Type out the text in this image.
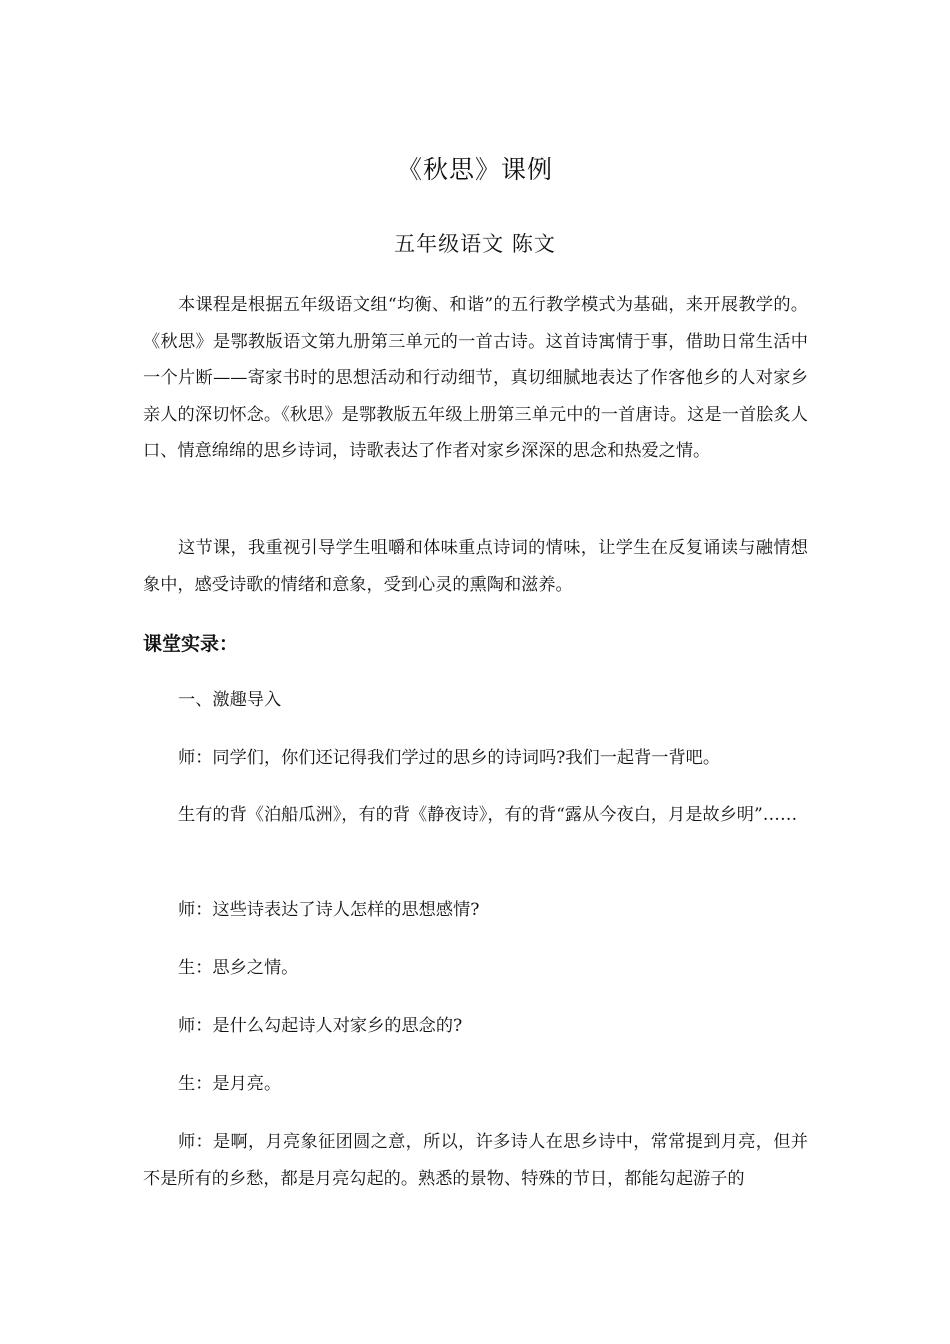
《秋思》课例
五年级语文 陈文

本课程是根据五年级语文组“均衡、和谐”的五行教学模式为基础，来开展教学的。《秋思》是鄂教版语文第九册第三单元的一首古诗。这首诗寓情于事，借助日常生活中一个片断——寄家书时的思想活动和行动细节，真切细腻地表达了作客他乡的人对家乡亲人的深切怀念。《秋思》是鄂教版五年级上册第三单元中的一首唐诗。这是一首脍炙人口、情意绵绵的思乡诗词，诗歌表达了作者对家乡深深的思念和热爱之情。

这节课，我重视引导学生咀嚼和体味重点诗词的情味，让学生在反复诵读与融情想象中，感受诗歌的情绪和意象，受到心灵的熏陶和滋养。

课堂实录：

一、激趣导入

师：同学们，你们还记得我们学过的思乡的诗词吗?我们一起背一背吧。

生有的背《泊船瓜洲》，有的背《静夜诗》，有的背“露从今夜白，月是故乡明”……

师：这些诗表达了诗人怎样的思想感情?

生：思乡之情。

师：是什么勾起诗人对家乡的思念的?

生：是月亮。

师：是啊，月亮象征团圆之意，所以，许多诗人在思乡诗中，常常提到月亮，但并不是所有的乡愁，都是月亮勾起的。熟悉的景物、特殊的节日，都能勾起游子的
